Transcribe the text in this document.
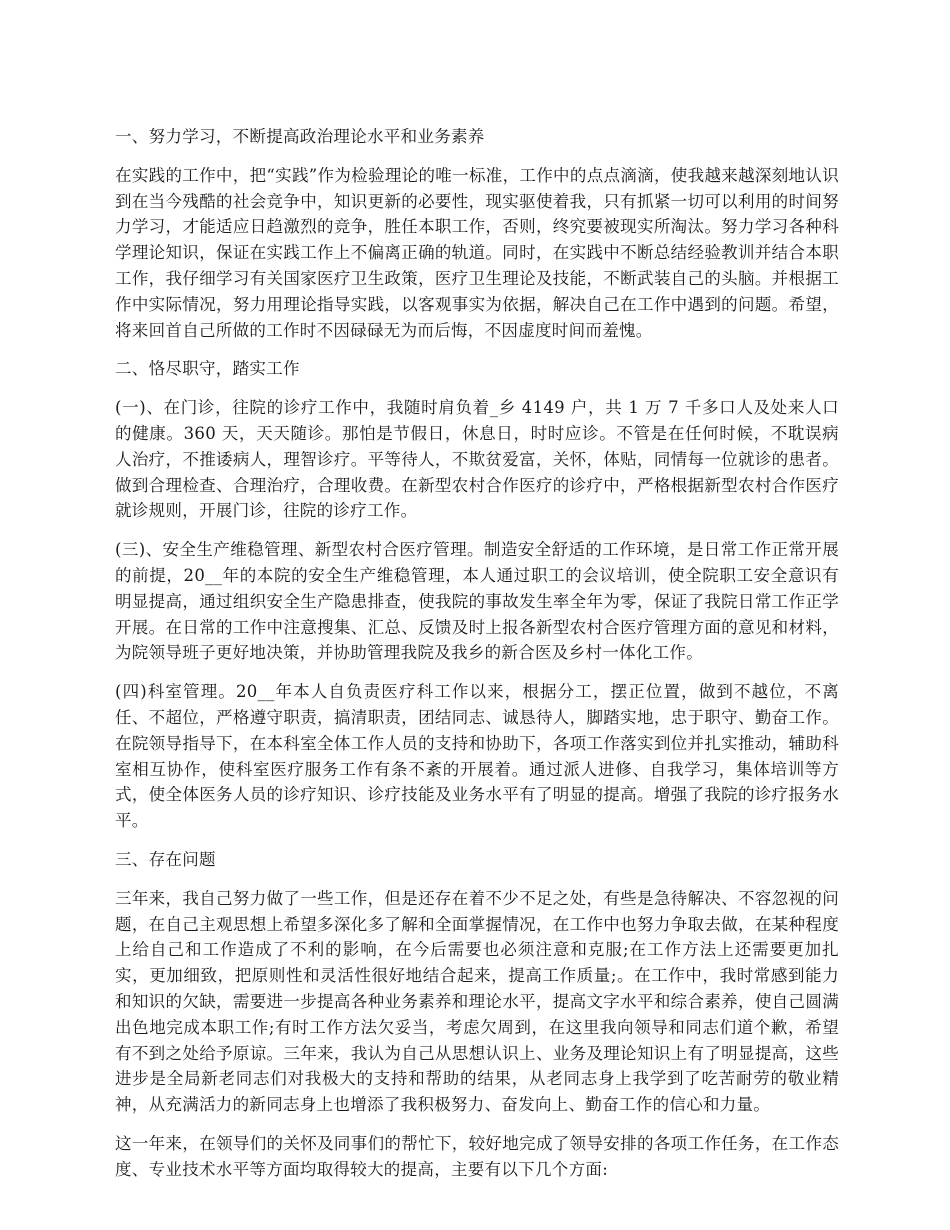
一、努力学习，不断提高政治理论水平和业务素养
在实践的工作中，把“实践”作为检验理论的唯一标准，工作中的点点滴滴，使我越来越深刻地认识到在当今残酷的社会竞争中，知识更新的必要性，现实驱使着我，只有抓紧一切可以利用的时间努力学习，才能适应日趋激烈的竞争，胜任本职工作，否则，终究要被现实所淘汰。努力学习各种科学理论知识，保证在实践工作上不偏离正确的轨道。同时，在实践中不断总结经验教训并结合本职工作，我仔细学习有关国家医疗卫生政策，医疗卫生理论及技能，不断武装自己的头脑。并根据工作中实际情况，努力用理论指导实践，以客观事实为依据，解决自己在工作中遇到的问题。希望，将来回首自己所做的工作时不因碌碌无为而后悔，不因虚度时间而羞愧。
二、恪尽职守，踏实工作
(一)、在门诊，往院的诊疗工作中，我随时肩负着_乡 4149 户，共 1 万 7 千多口人及处来人口的健康。360 天，天天随诊。那怕是节假日，休息日，时时应诊。不管是在任何时候，不耽误病人治疗，不推诿病人，理智诊疗。平等待人，不欺贫爱富，关怀，体贴，同情每一位就诊的患者。做到合理检查、合理治疗，合理收费。在新型农村合作医疗的诊疗中，严格根据新型农村合作医疗就诊规则，开展门诊，往院的诊疗工作。
(三)、安全生产维稳管理、新型农村合医疗管理。制造安全舒适的工作环境，是日常工作正常开展的前提，20__年的本院的安全生产维稳管理，本人通过职工的会议培训，使全院职工安全意识有明显提高，通过组织安全生产隐患排查，使我院的事故发生率全年为零，保证了我院日常工作正学开展。在日常的工作中注意搜集、汇总、反馈及时上报各新型农村合医疗管理方面的意见和材料，为院领导班子更好地决策，并协助管理我院及我乡的新合医及乡村一体化工作。
(四)科室管理。20__年本人自负责医疗科工作以来，根据分工，摆正位置，做到不越位，不离任、不超位，严格遵守职责，搞清职责，团结同志、诚恳待人，脚踏实地，忠于职守、勤奋工作。在院领导指导下，在本科室全体工作人员的支持和协助下，各项工作落实到位并扎实推动，辅助科室相互协作，使科室医疗服务工作有条不紊的开展着。通过派人进修、自我学习，集体培训等方式，使全体医务人员的诊疗知识、诊疗技能及业务水平有了明显的提高。增强了我院的诊疗报务水平。
三、存在问题
三年来，我自己努力做了一些工作，但是还存在着不少不足之处，有些是急待解决、不容忽视的问题，在自己主观思想上希望多深化多了解和全面掌握情况，在工作中也努力争取去做，在某种程度上给自己和工作造成了不利的影响，在今后需要也必须注意和克服;在工作方法上还需要更加扎实，更加细致，把原则性和灵活性很好地结合起来，提高工作质量;。在工作中，我时常感到能力和知识的欠缺，需要进一步提高各种业务素养和理论水平，提高文字水平和综合素养，使自己圆满出色地完成本职工作;有时工作方法欠妥当，考虑欠周到，在这里我向领导和同志们道个歉，希望有不到之处给予原谅。三年来，我认为自己从思想认识上、业务及理论知识上有了明显提高，这些进步是全局新老同志们对我极大的支持和帮助的结果，从老同志身上我学到了吃苦耐劳的敬业精神，从充满活力的新同志身上也增添了我积极努力、奋发向上、勤奋工作的信心和力量。
这一年来，在领导们的关怀及同事们的帮忙下，较好地完成了领导安排的各项工作任务，在工作态度、专业技术水平等方面均取得较大的提高，主要有以下几个方面:
